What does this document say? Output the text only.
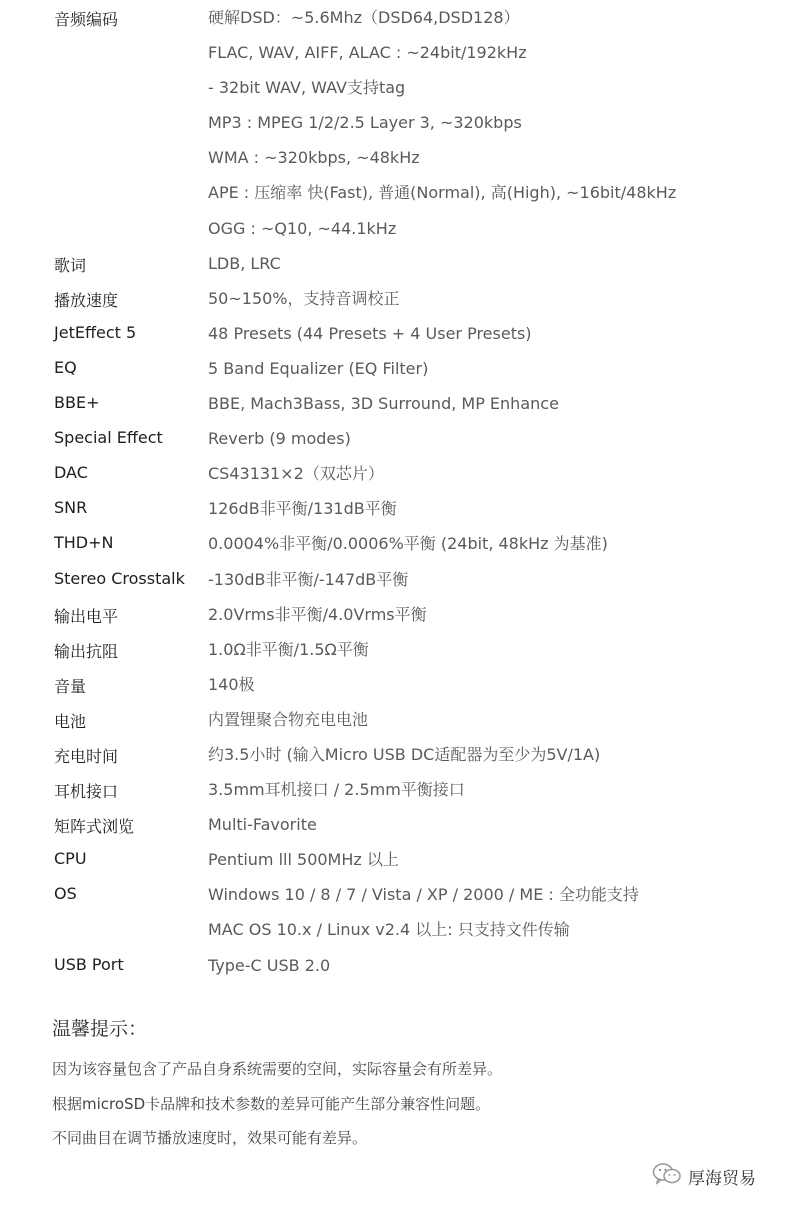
音频编码	硬解DSD：~5.6Mhz（DSD64,DSD128）
FLAC, WAV, AIFF, ALAC : ~24bit/192kHz
- 32bit WAV, WAV支持tag
MP3 : MPEG 1/2/2.5 Layer 3, ~320kbps
WMA : ~320kbps, ~48kHz
APE : 压缩率 快(Fast), 普通(Normal), 高(High), ~16bit/48kHz
OGG : ~Q10, ~44.1kHz
歌词	LDB, LRC
播放速度	50~150%，支持音调校正
JetEffect 5	48 Presets (44 Presets + 4 User Presets)
EQ	5 Band Equalizer (EQ Filter)
BBE+	BBE, Mach3Bass, 3D Surround, MP Enhance
Special Effect	Reverb (9 modes)
DAC	CS43131×2（双芯片）
SNR	126dB非平衡/131dB平衡
THD+N	0.0004%非平衡/0.0006%平衡 (24bit, 48kHz 为基准)
Stereo Crosstalk -130dB非平衡/-147dB平衡
输出电平	2.0Vrms非平衡/4.0Vrms平衡
输出抗阻	1.0Ω非平衡/1.5Ω平衡
音量	140极
电池	内置锂聚合物充电电池
充电时间	约3.5小时 (输入Micro USB DC适配器为至少为5V/1A)
耳机接口	3.5mm耳机接口 / 2.5mm平衡接口
矩阵式浏览	Multi-Favorite
CPU	Pentium lll 500MHz 以上
OS	Windows 10 / 8 / 7 / Vista / XP / 2000 / ME : 全功能支持
MAC OS 10.x / Linux v2.4 以上: 只支持文件传输
USB Port	Type-C USB 2.0
温馨提示：
因为该容量包含了产品自身系统需要的空间，实际容量会有所差异。
根据microSD卡品牌和技术参数的差异可能产生部分兼容性问题。
不同曲目在调节播放速度时，效果可能有差异。
厚海贸易
